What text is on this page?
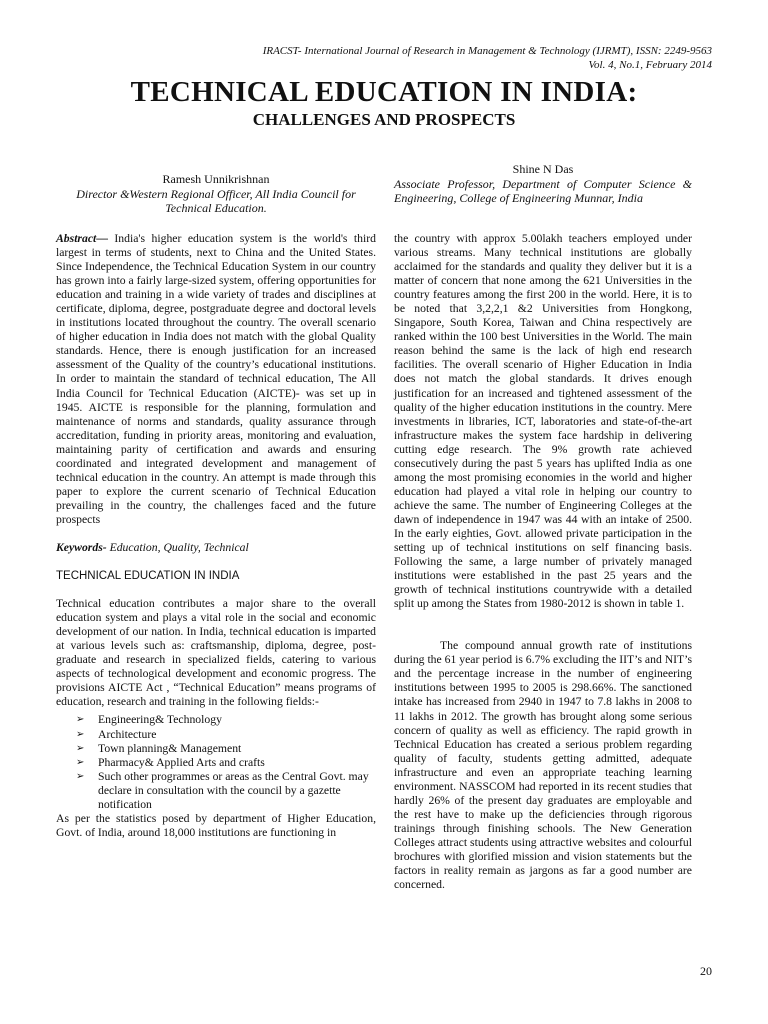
IRACST- International Journal of Research in Management & Technology (IJRMT), ISSN: 2249-9563
Vol. 4, No.1, February 2014
TECHNICAL EDUCATION IN INDIA:
CHALLENGES AND PROSPECTS
Ramesh Unnikrishnan
Director &Western Regional Officer, All India Council for Technical Education.
Shine N Das
Associate Professor, Department of Computer Science & Engineering, College of Engineering Munnar, India

Abstract— India's higher education system is the world's third largest in terms of students, next to China and the United States. Since Independence, the Technical Education System in our country has grown into a fairly large-sized system, offering opportunities for education and training in a wide variety of trades and disciplines at certificate, diploma, degree, postgraduate degree and doctoral levels in institutions located throughout the country. The overall scenario of higher education in India does not match with the global Quality standards. Hence, there is enough justification for an increased assessment of the Quality of the country’s educational institutions. In order to maintain the standard of technical education, The All India Council for Technical Education (AICTE)- was set up in 1945. AICTE is responsible for the planning, formulation and maintenance of norms and standards, quality assurance through accreditation, funding in priority areas, monitoring and evaluation, maintaining parity of certification and awards and ensuring coordinated and integrated development and management of technical education in the country. An attempt is made through this paper to explore the current scenario of Technical Education prevailing in the country, the challenges faced and the future prospects

Keywords- Education, Quality, Technical

TECHNICAL EDUCATION IN INDIA

Technical education contributes a major share to the overall education system and plays a vital role in the social and economic development of our nation. In India, technical education is imparted at various levels such as: craftsmanship, diploma, degree, post-graduate and research in specialized fields, catering to various aspects of technological development and economic progress. The provisions AICTE Act , “Technical Education” means programs of education, research and training in the following fields:-

➢ Engineering& Technology
➢ Architecture
➢ Town planning& Management
➢ Pharmacy& Applied Arts and crafts
➢ Such other programmes or areas as the Central Govt. may declare in consultation with the council by a gazette notification

As per the statistics posed by department of Higher Education, Govt. of India, around 18,000 institutions are functioning in

the country with approx 5.00lakh teachers employed under various streams. Many technical institutions are globally acclaimed for the standards and quality they deliver but it is a matter of concern that none among the 621 Universities in the country features among the first 200 in the world. Here, it is to be noted that 3,2,2,1 &2 Universities from Hongkong, Singapore, South Korea, Taiwan and China respectively are ranked within the 100 best Universities in the World. The main reason behind the same is the lack of high end research facilities. The overall scenario of Higher Education in India does not match the global standards. It drives enough justification for an increased and tightened assessment of the quality of the higher education institutions in the country. Mere investments in libraries, ICT, laboratories and state-of-the-art infrastructure makes the system face hardship in delivering cutting edge research. The 9% growth rate achieved consecutively during the past 5 years has uplifted India as one among the most promising economies in the world and higher education had played a vital role in helping our country to achieve the same. The number of Engineering Colleges at the dawn of independence in 1947 was 44 with an intake of 2500. In the early eighties, Govt. allowed private participation in the setting up of technical institutions on self financing basis. Following the same, a large number of privately managed institutions were established in the past 25 years and the growth of technical institutions countrywide with a detailed split up among the States from 1980-2012 is shown in table 1.

The compound annual growth rate of institutions during the 61 year period is 6.7% excluding the IIT’s and NIT’s and the percentage increase in the number of engineering institutions between 1995 to 2005 is 298.66%. The sanctioned intake has increased from 2940 in 1947 to 7.8 lakhs in 2008 to 11 lakhs in 2012. The growth has brought along some serious concern of quality as well as efficiency. The rapid growth in Technical Education has created a serious problem regarding quality of faculty, students getting admitted, adequate infrastructure and even an appropriate teaching learning environment. NASSCOM had reported in its recent studies that hardly 26% of the present day graduates are employable and the rest have to make up the deficiencies through rigorous trainings through finishing schools. The New Generation Colleges attract students using attractive websites and colourful brochures with glorified mission and vision statements but the factors in reality remain as jargons as far a good number are concerned.

20
